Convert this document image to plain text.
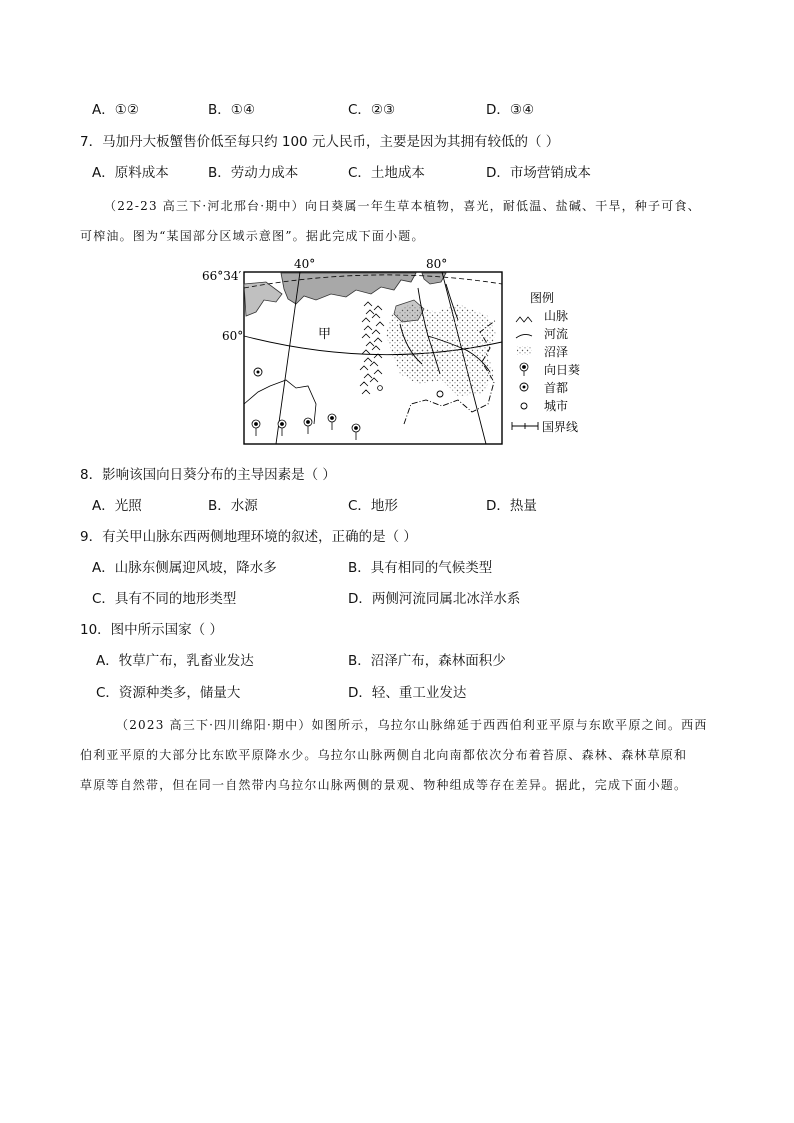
A．①②	B．①④	C．②③	D．③④
7．马加丹大板蟹售价低至每只约 100 元人民币，主要是因为其拥有较低的（ ）
A．原料成本	B．劳动力成本	C．土地成本	D．市场营销成本
（22-23 高三下·河北邢台·期中）向日葵属一年生草本植物，喜光，耐低温、盐碱、干旱，种子可食、
可榨油。图为“某国部分区域示意图”。据此完成下面小题。
66°34′
60°
40°	80°
甲
图例
山脉
河流
沼泽
向日葵
首都
城市
国界线
8．影响该国向日葵分布的主导因素是（ ）
A．光照	B．水源	C．地形	D．热量
9．有关甲山脉东西两侧地理环境的叙述，正确的是（ ）
A．山脉东侧属迎风坡，降水多	B．具有相同的气候类型
C．具有不同的地形类型	D．两侧河流同属北冰洋水系
10．图中所示国家（ ）
A．牧草广布，乳畜业发达	B．沼泽广布，森林面积少
C．资源种类多，储量大	D．轻、重工业发达
（2023 高三下·四川绵阳·期中）如图所示，乌拉尔山脉绵延于西西伯利亚平原与东欧平原之间。西西
伯利亚平原的大部分比东欧平原降水少。乌拉尔山脉两侧自北向南都依次分布着苔原、森林、森林草原和
草原等自然带，但在同一自然带内乌拉尔山脉两侧的景观、物种组成等存在差异。据此，完成下面小题。
